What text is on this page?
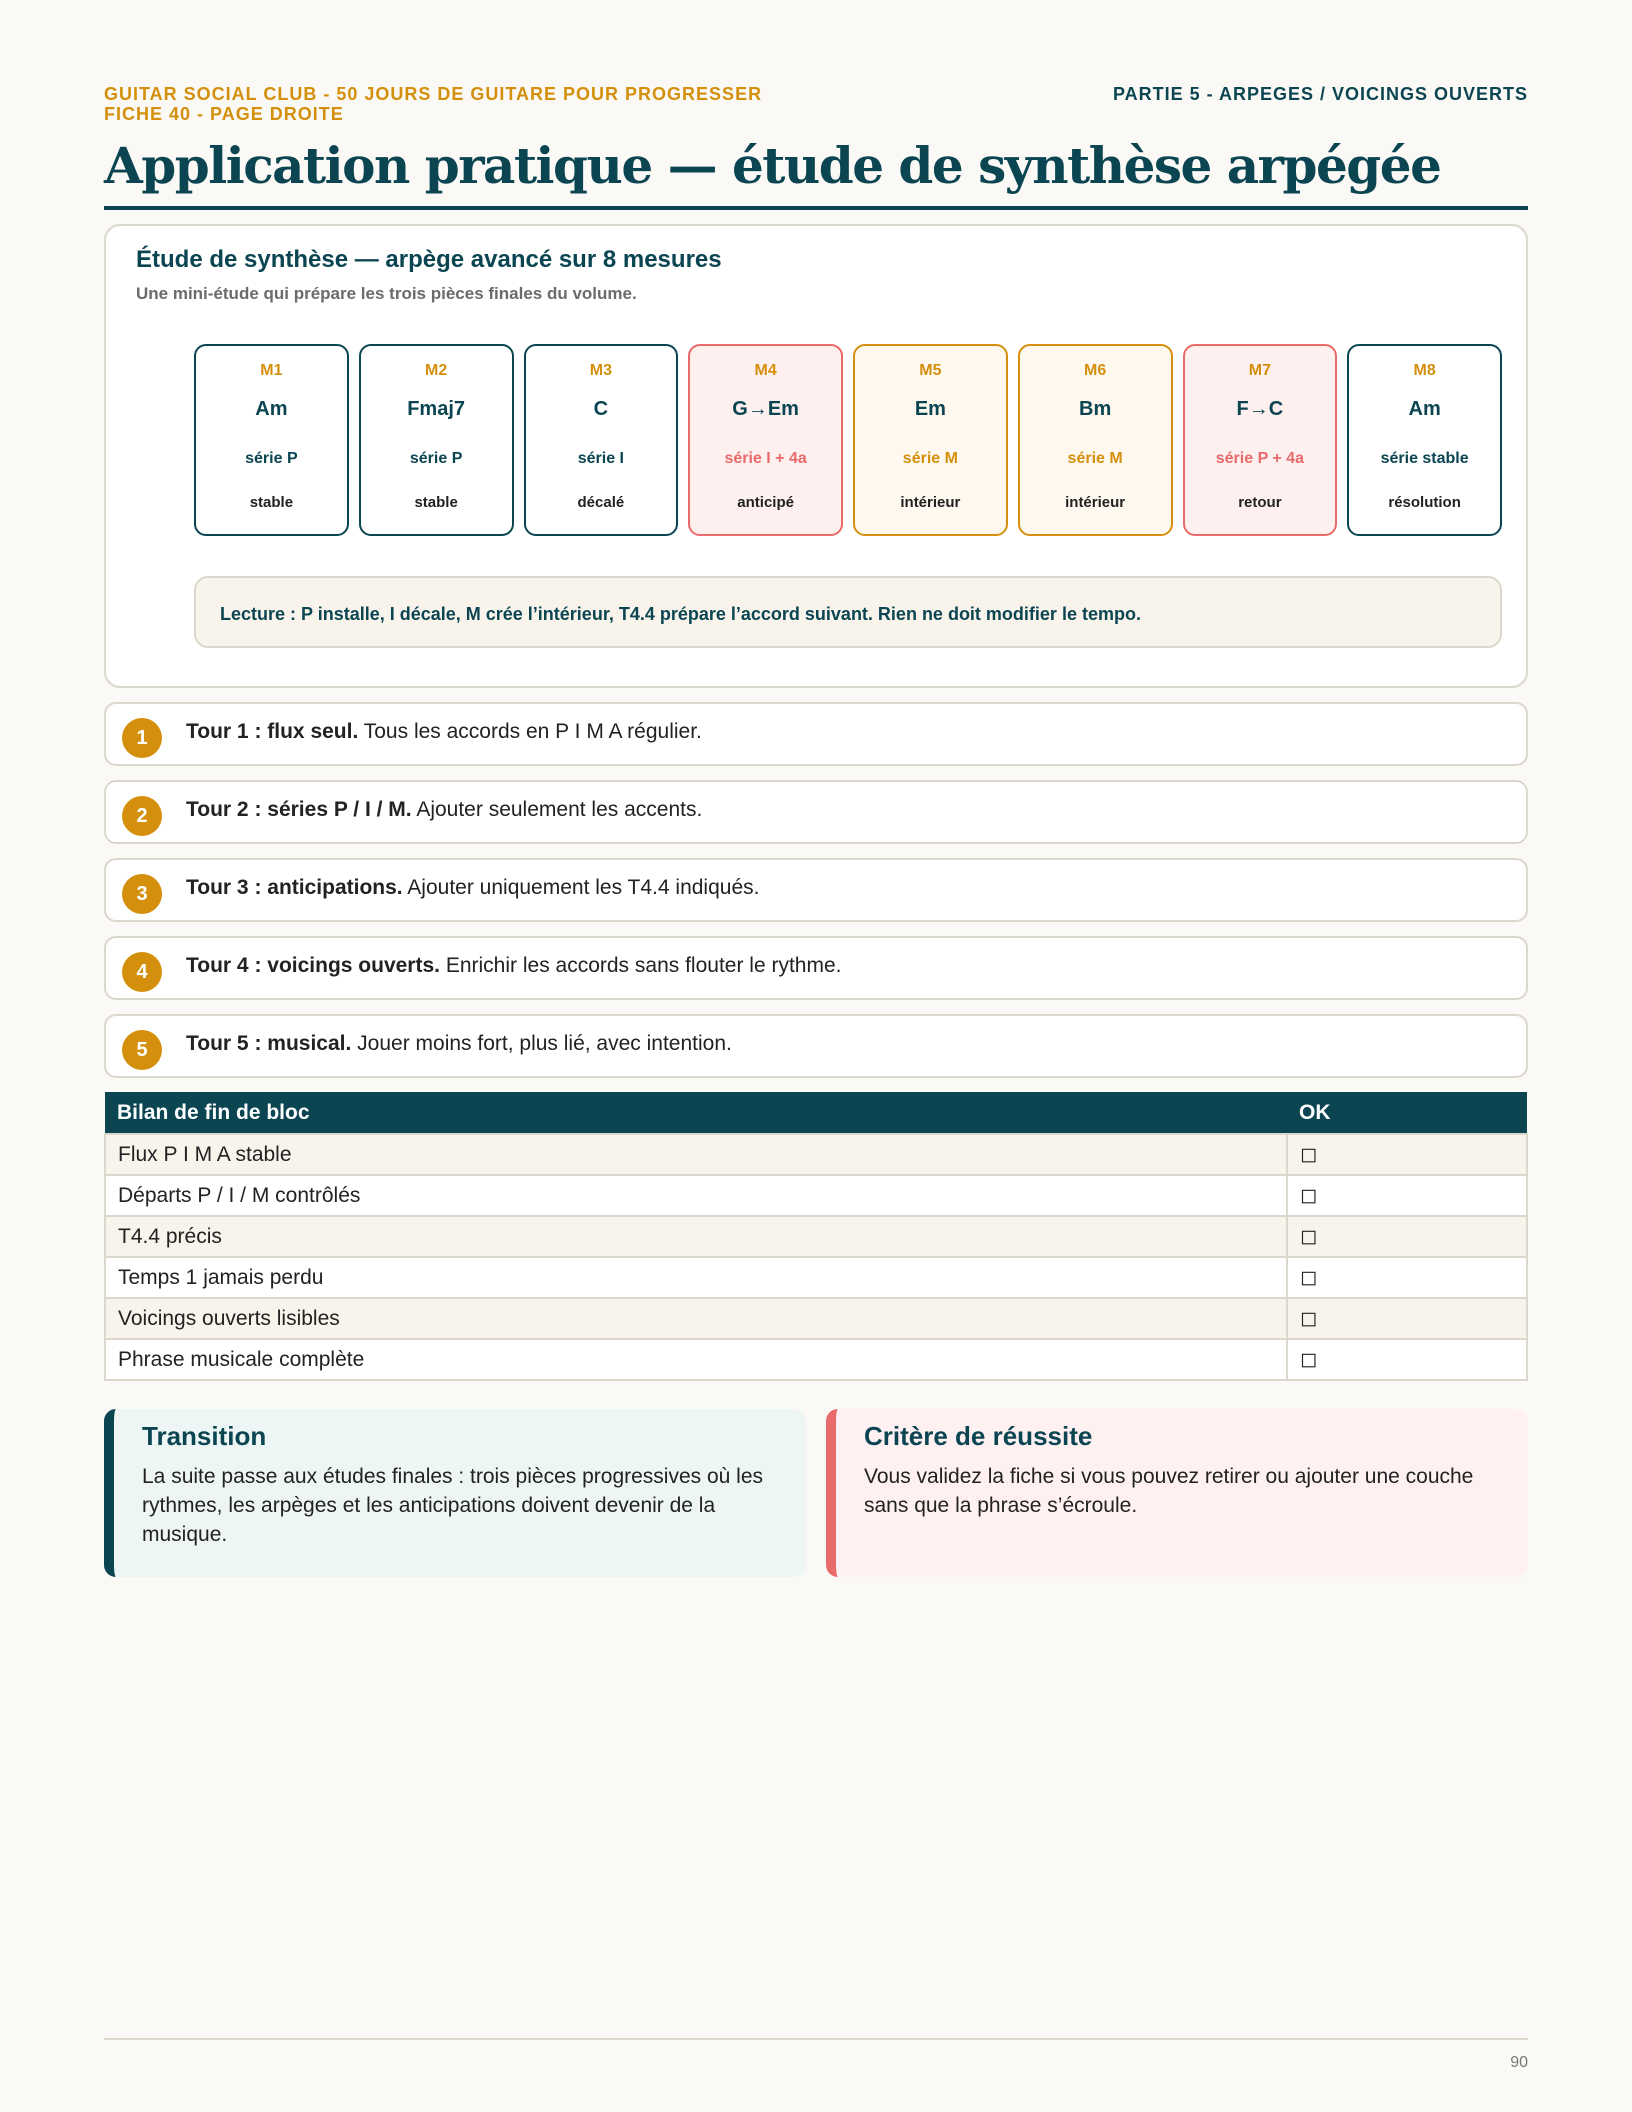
GUITAR SOCIAL CLUB - 50 JOURS DE GUITARE POUR PROGRESSER
FICHE 40 - PAGE DROITE
PARTIE 5 - ARPEGES / VOICINGS OUVERTS
Application pratique — étude de synthèse arpégée
Étude de synthèse — arpège avancé sur 8 mesures
Une mini-étude qui prépare les trois pièces finales du volume.
M1
Am
série P
stable
M2
Fmaj7
série P
stable
M3
C
série I
décalé
M4
G→Em
série I + 4a
anticipé
M5
Em
série M
intérieur
M6
Bm
série M
intérieur
M7
F→C
série P + 4a
retour
M8
Am
série stable
résolution
Lecture : P installe, I décale, M crée l’intérieur, T4.4 prépare l’accord suivant. Rien ne doit modifier le tempo.
1	Tour 1 : flux seul. Tous les accords en P I M A régulier.
2	Tour 2 : séries P / I / M. Ajouter seulement les accents.
3	Tour 3 : anticipations. Ajouter uniquement les T4.4 indiqués.
4	Tour 4 : voicings ouverts. Enrichir les accords sans flouter le rythme.
5	Tour 5 : musical. Jouer moins fort, plus lié, avec intention.
Bilan de fin de bloc	OK
Flux P I M A stable	◻
Départs P / I / M contrôlés	◻
T4.4 précis	◻
Temps 1 jamais perdu	◻
Voicings ouverts lisibles	◻
Phrase musicale complète	◻
Transition
La suite passe aux études finales : trois pièces progressives où les rythmes, les arpèges et les anticipations doivent devenir de la musique.
Critère de réussite
Vous validez la fiche si vous pouvez retirer ou ajouter une couche sans que la phrase s’écroule.
90
